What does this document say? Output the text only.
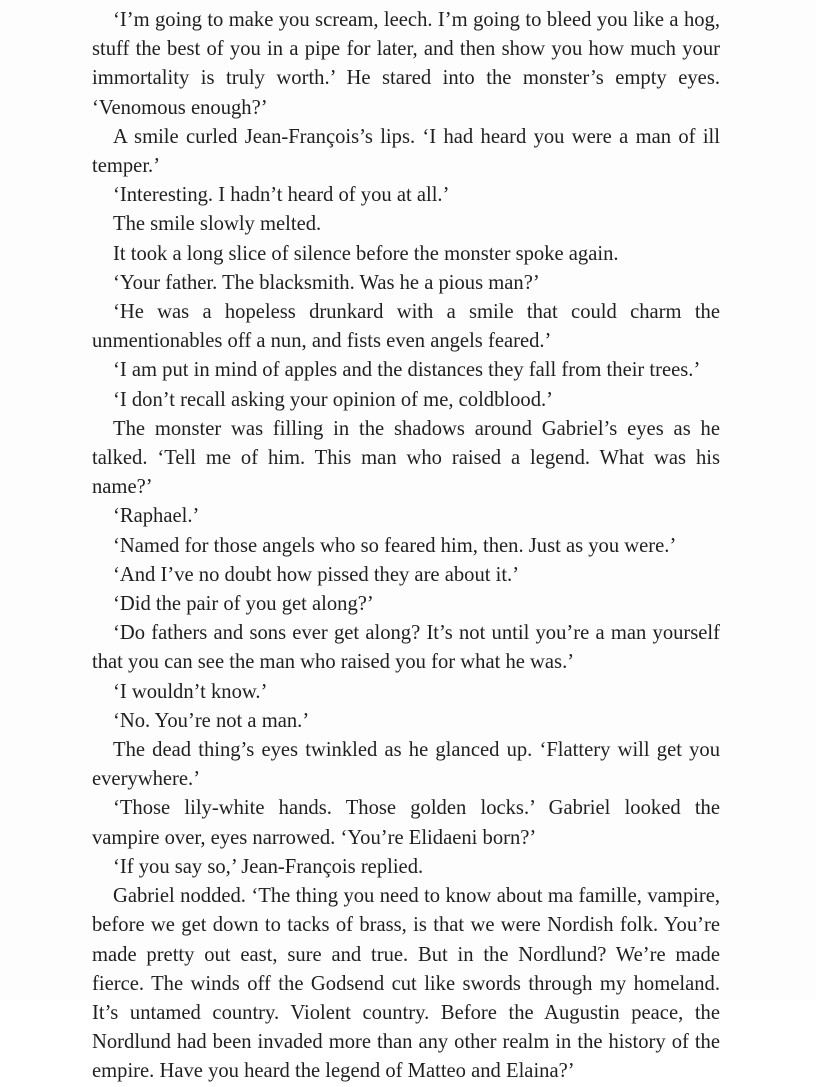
‘I’m going to make you scream, leech. I’m going to bleed you like a hog, stuff the best of you in a pipe for later, and then show you how much your immortality is truly worth.’ He stared into the monster’s empty eyes. ‘Venomous enough?’

A smile curled Jean-François’s lips. ‘I had heard you were a man of ill temper.’

‘Interesting. I hadn’t heard of you at all.’

The smile slowly melted.

It took a long slice of silence before the monster spoke again.

‘Your father. The blacksmith. Was he a pious man?’

‘He was a hopeless drunkard with a smile that could charm the unmentionables off a nun, and fists even angels feared.’

‘I am put in mind of apples and the distances they fall from their trees.’

‘I don’t recall asking your opinion of me, coldblood.’

The monster was filling in the shadows around Gabriel’s eyes as he talked. ‘Tell me of him. This man who raised a legend. What was his name?’

‘Raphael.’

‘Named for those angels who so feared him, then. Just as you were.’

‘And I’ve no doubt how pissed they are about it.’

‘Did the pair of you get along?’

‘Do fathers and sons ever get along? It’s not until you’re a man yourself that you can see the man who raised you for what he was.’

‘I wouldn’t know.’

‘No. You’re not a man.’

The dead thing’s eyes twinkled as he glanced up. ‘Flattery will get you everywhere.’

‘Those lily-white hands. Those golden locks.’ Gabriel looked the vampire over, eyes narrowed. ‘You’re Elidaeni born?’

‘If you say so,’ Jean-François replied.

Gabriel nodded. ‘The thing you need to know about ma famille, vampire, before we get down to tacks of brass, is that we were Nordish folk. You’re made pretty out east, sure and true. But in the Nordlund? We’re made fierce. The winds off the Godsend cut like swords through my homeland. It’s untamed country. Violent country. Before the Augustin peace, the Nordlund had been invaded more than any other realm in the history of the empire. Have you heard the legend of Matteo and Elaina?’
